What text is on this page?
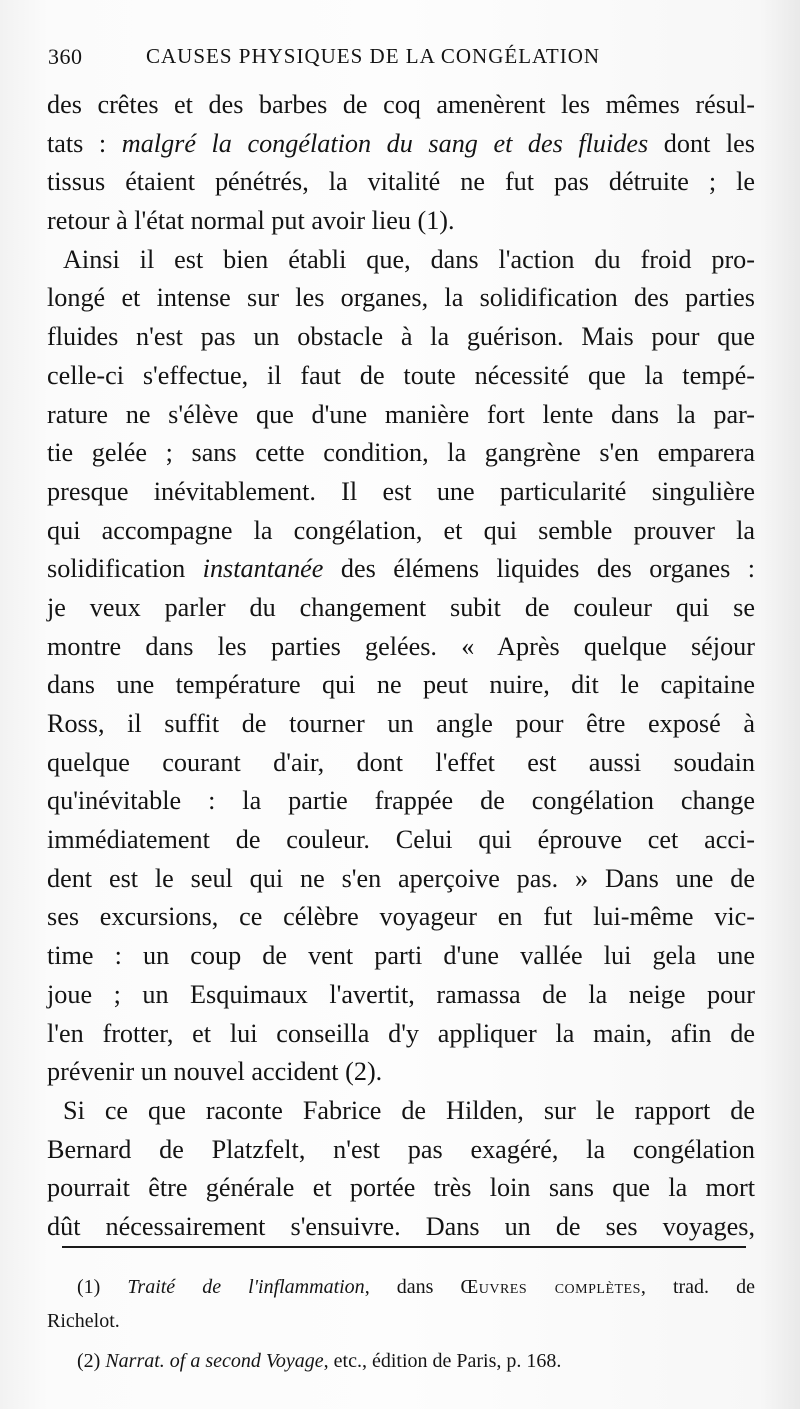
360	CAUSES PHYSIQUES DE LA CONGÉLATION
des crêtes et des barbes de coq amenèrent les mêmes résul-
tats : malgré la congélation du sang et des fluides dont les
tissus étaient pénétrés, la vitalité ne fut pas détruite ; le
retour à l'état normal put avoir lieu (1).
Ainsi il est bien établi que, dans l'action du froid pro-
longé et intense sur les organes, la solidification des parties
fluides n'est pas un obstacle à la guérison. Mais pour que
celle-ci s'effectue, il faut de toute nécessité que la tempé-
rature ne s'élève que d'une manière fort lente dans la par-
tie gelée ; sans cette condition, la gangrène s'en emparera
presque inévitablement. Il est une particularité singulière
qui accompagne la congélation, et qui semble prouver la
solidification instantanée des élémens liquides des organes :
je veux parler du changement subit de couleur qui se
montre dans les parties gelées. « Après quelque séjour
dans une température qui ne peut nuire, dit le capitaine
Ross, il suffit de tourner un angle pour être exposé à
quelque courant d'air, dont l'effet est aussi soudain
qu'inévitable : la partie frappée de congélation change
immédiatement de couleur. Celui qui éprouve cet acci-
dent est le seul qui ne s'en aperçoive pas. » Dans une de
ses excursions, ce célèbre voyageur en fut lui-même vic-
time : un coup de vent parti d'une vallée lui gela une
joue ; un Esquimaux l'avertit, ramassa de la neige pour
l'en frotter, et lui conseilla d'y appliquer la main, afin de
prévenir un nouvel accident (2).
Si ce que raconte Fabrice de Hilden, sur le rapport de
Bernard de Platzfelt, n'est pas exagéré, la congélation
pourrait être générale et portée très loin sans que la mort
dût nécessairement s'ensuivre. Dans un de ses voyages,
(1) Traité de l'inflammation, dans Œuvres complètes, trad. de
Richelot.
(2) Narrat. of a second Voyage, etc., édition de Paris, p. 168.
